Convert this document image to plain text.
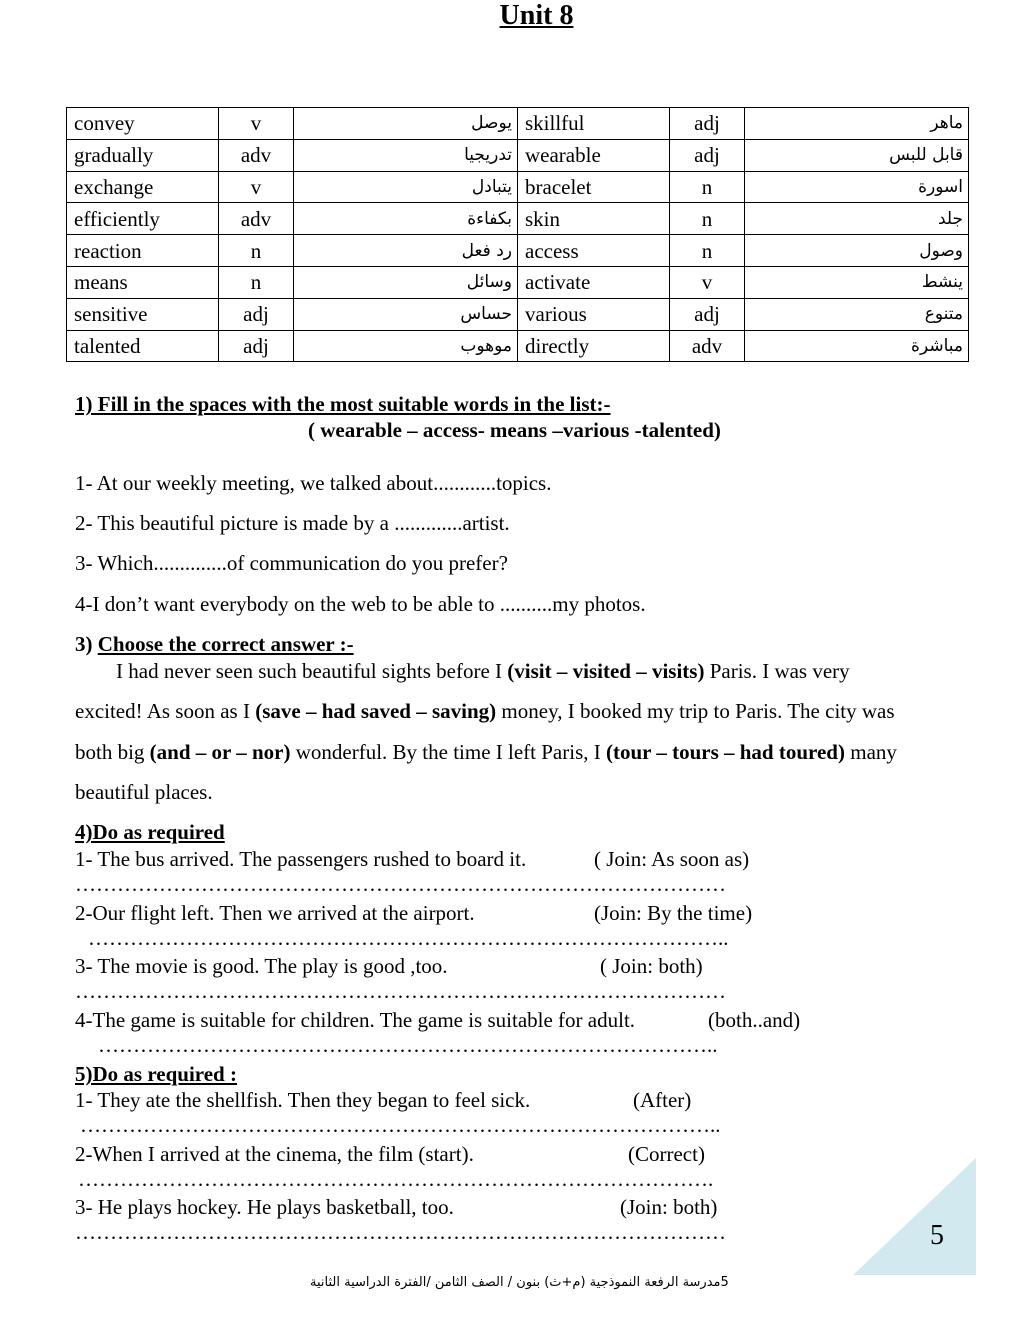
Unit 8
convey	v	يوصل	skillful	adj	ماهر
gradually	adv	تدريجيا	wearable	adj	قابل للبس
exchange	v	يتبادل	bracelet	n	اسورة
efficiently	adv	بكفاءة	skin	n	جلد
reaction	n	رد فعل	access	n	وصول
means	n	وسائل	activate	v	ينشط
sensitive	adj	حساس	various	adj	متنوع
talented	adj	موهوب	directly	adv	مباشرة
1) Fill in the spaces with the most suitable words in the list:-
( wearable – access- means –various -talented)
1- At our weekly meeting, we talked about............topics.
2- This beautiful picture is made by a .............artist.
3- Which..............of communication do you prefer?
4-I don’t want everybody on the web to be able to ..........my photos.
3) Choose the correct answer :-
I had never seen such beautiful sights before I (visit – visited – visits) Paris. I was very
excited! As soon as I (save – had saved – saving) money, I booked my trip to Paris. The city was
both big (and – or – nor) wonderful. By the time I left Paris, I (tour – tours – had toured) many
beautiful places.
4)Do as required
1- The bus arrived. The passengers rushed to board it.	( Join: As soon as)
…………………………………………………………………………………
2-Our flight left. Then we arrived at the airport.	(Join: By the time)
………………………………………………………………………………..
3- The movie is good. The play is good ,too.	( Join: both)
…………………………………………………………………………………
4-The game is suitable for children. The game is suitable for adult.	(both..and)
……………………………………………………………………………..
5)Do as required :
1- They ate the shellfish. Then they began to feel sick.	(After)
………………………………………………………………………………..
2-When I arrived at the cinema, the film (start).	(Correct)
……………………………………………………………………………….
3- He plays hockey. He plays basketball, too.	(Join: both)
…………………………………………………………………………………	5
5مدرسة الرفعة النموذجية (م+ث) بنون / الصف الثامن /الفترة الدراسية الثانية
